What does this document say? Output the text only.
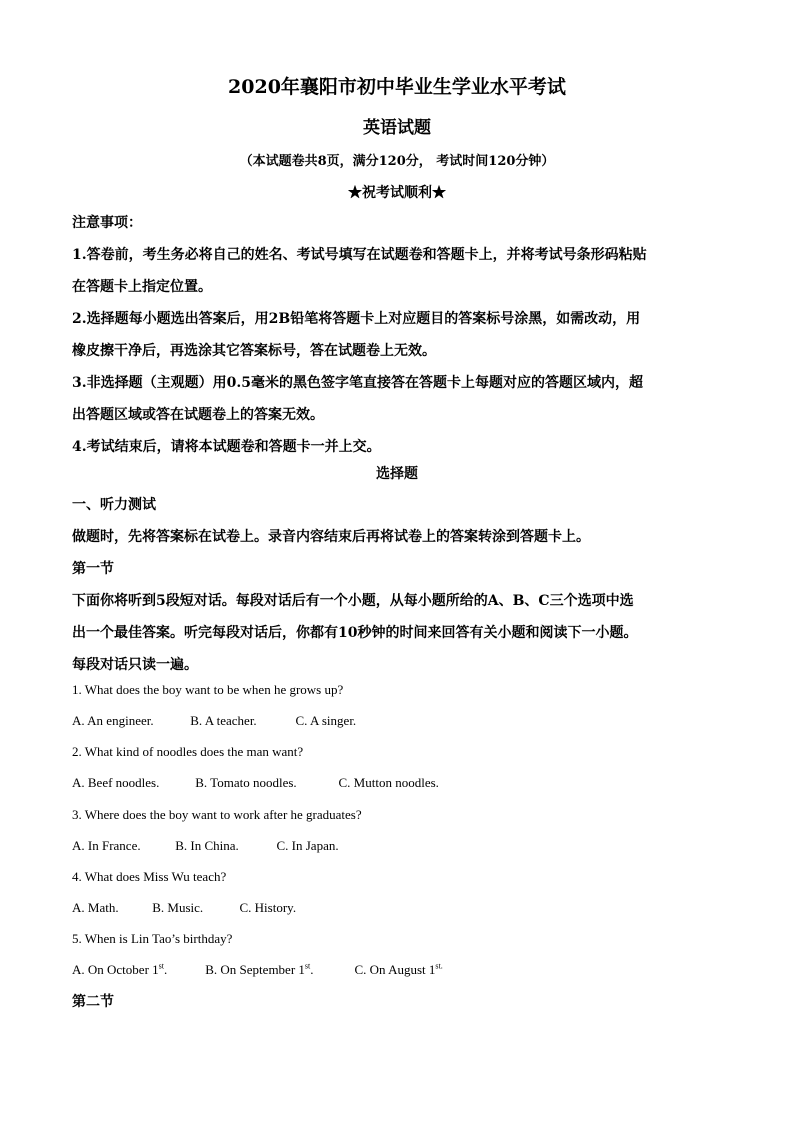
2020年襄阳市初中毕业生学业水平考试
英语试题
（本试题卷共8页，满分120分， 考试时间120分钟）
★祝考试顺利★
注意事项：
1.答卷前，考生务必将自己的姓名、考试号填写在试题卷和答题卡上，并将考试号条形码粘贴
在答题卡上指定位置。
2.选择题每小题选出答案后，用2B铅笔将答题卡上对应题目的答案标号涂黑，如需改动，用
橡皮擦干净后，再选涂其它答案标号，答在试题卷上无效。
3.非选择题（主观题）用0.5毫米的黑色签字笔直接答在答题卡上每题对应的答题区域内，超
出答题区域或答在试题卷上的答案无效。
4.考试结束后，请将本试题卷和答题卡一并上交。
选择题
一、听力测试
做题时，先将答案标在试卷上。录音内容结束后再将试卷上的答案转涂到答题卡上。
第一节
下面你将听到5段短对话。每段对话后有一个小题，从每小题所给的A、B、C三个选项中选
出一个最佳答案。听完每段对话后，你都有10秒钟的时间来回答有关小题和阅读下一小题。
每段对话只读一遍。
1. What does the boy want to be when he grows up?
A. An engineer.	B. A teacher.	C. A singer.
2. What kind of noodles does the man want?
A. Beef noodles.	B. Tomato noodles.	C. Mutton noodles.
3. Where does the boy want to work after he graduates?
A. In France.	B. In China.	C. In Japan.
4. What does Miss Wu teach?
A. Math.	B. Music.	C. History.
5. When is Lin Tao’s birthday?
A. On October 1st.	B. On September 1st.	C. On August $1^{st.}$
第二节
